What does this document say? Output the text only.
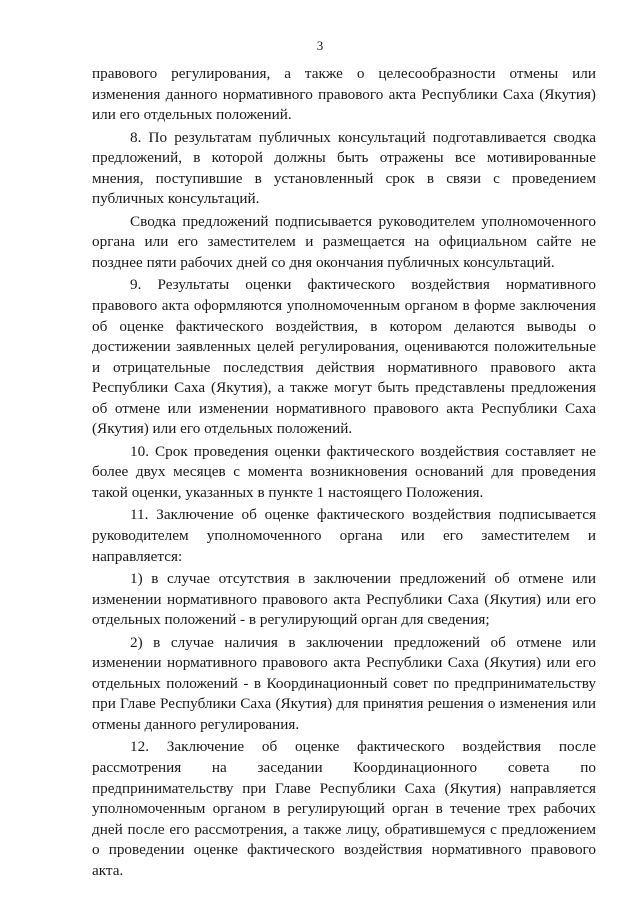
3

правового регулирования, а также о целесообразности отмены или изменения данного нормативного правового акта Республики Саха (Якутия) или его отдельных положений.

8. По результатам публичных консультаций подготавливается сводка предложений, в которой должны быть отражены все мотивированные мнения, поступившие в установленный срок в связи с проведением публичных консультаций.

Сводка предложений подписывается руководителем уполномоченного органа или его заместителем и размещается на официальном сайте не позднее пяти рабочих дней со дня окончания публичных консультаций.

9. Результаты оценки фактического воздействия нормативного правового акта оформляются уполномоченным органом в форме заключения об оценке фактического воздействия, в котором делаются выводы о достижении заявленных целей регулирования, оцениваются положительные и отрицательные последствия действия нормативного правового акта Республики Саха (Якутия), а также могут быть представлены предложения об отмене или изменении нормативного правового акта Республики Саха (Якутия) или его отдельных положений.

10. Срок проведения оценки фактического воздействия составляет не более двух месяцев с момента возникновения оснований для проведения такой оценки, указанных в пункте 1 настоящего Положения.

11. Заключение об оценке фактического воздействия подписывается руководителем уполномоченного органа или его заместителем и направляется:

1) в случае отсутствия в заключении предложений об отмене или изменении нормативного правового акта Республики Саха (Якутия) или его отдельных положений - в регулирующий орган для сведения;

2) в случае наличия в заключении предложений об отмене или изменении нормативного правового акта Республики Саха (Якутия) или его отдельных положений - в Координационный совет по предпринимательству при Главе Республики Саха (Якутия) для принятия решения о изменения или отмены данного регулирования.

12. Заключение об оценке фактического воздействия после рассмотрения на заседании Координационного совета по предпринимательству при Главе Республики Саха (Якутия) направляется уполномоченным органом в регулирующий орган в течение трех рабочих дней после его рассмотрения, а также лицу, обратившемуся с предложением о проведении оценке фактического воздействия нормативного правового акта.
